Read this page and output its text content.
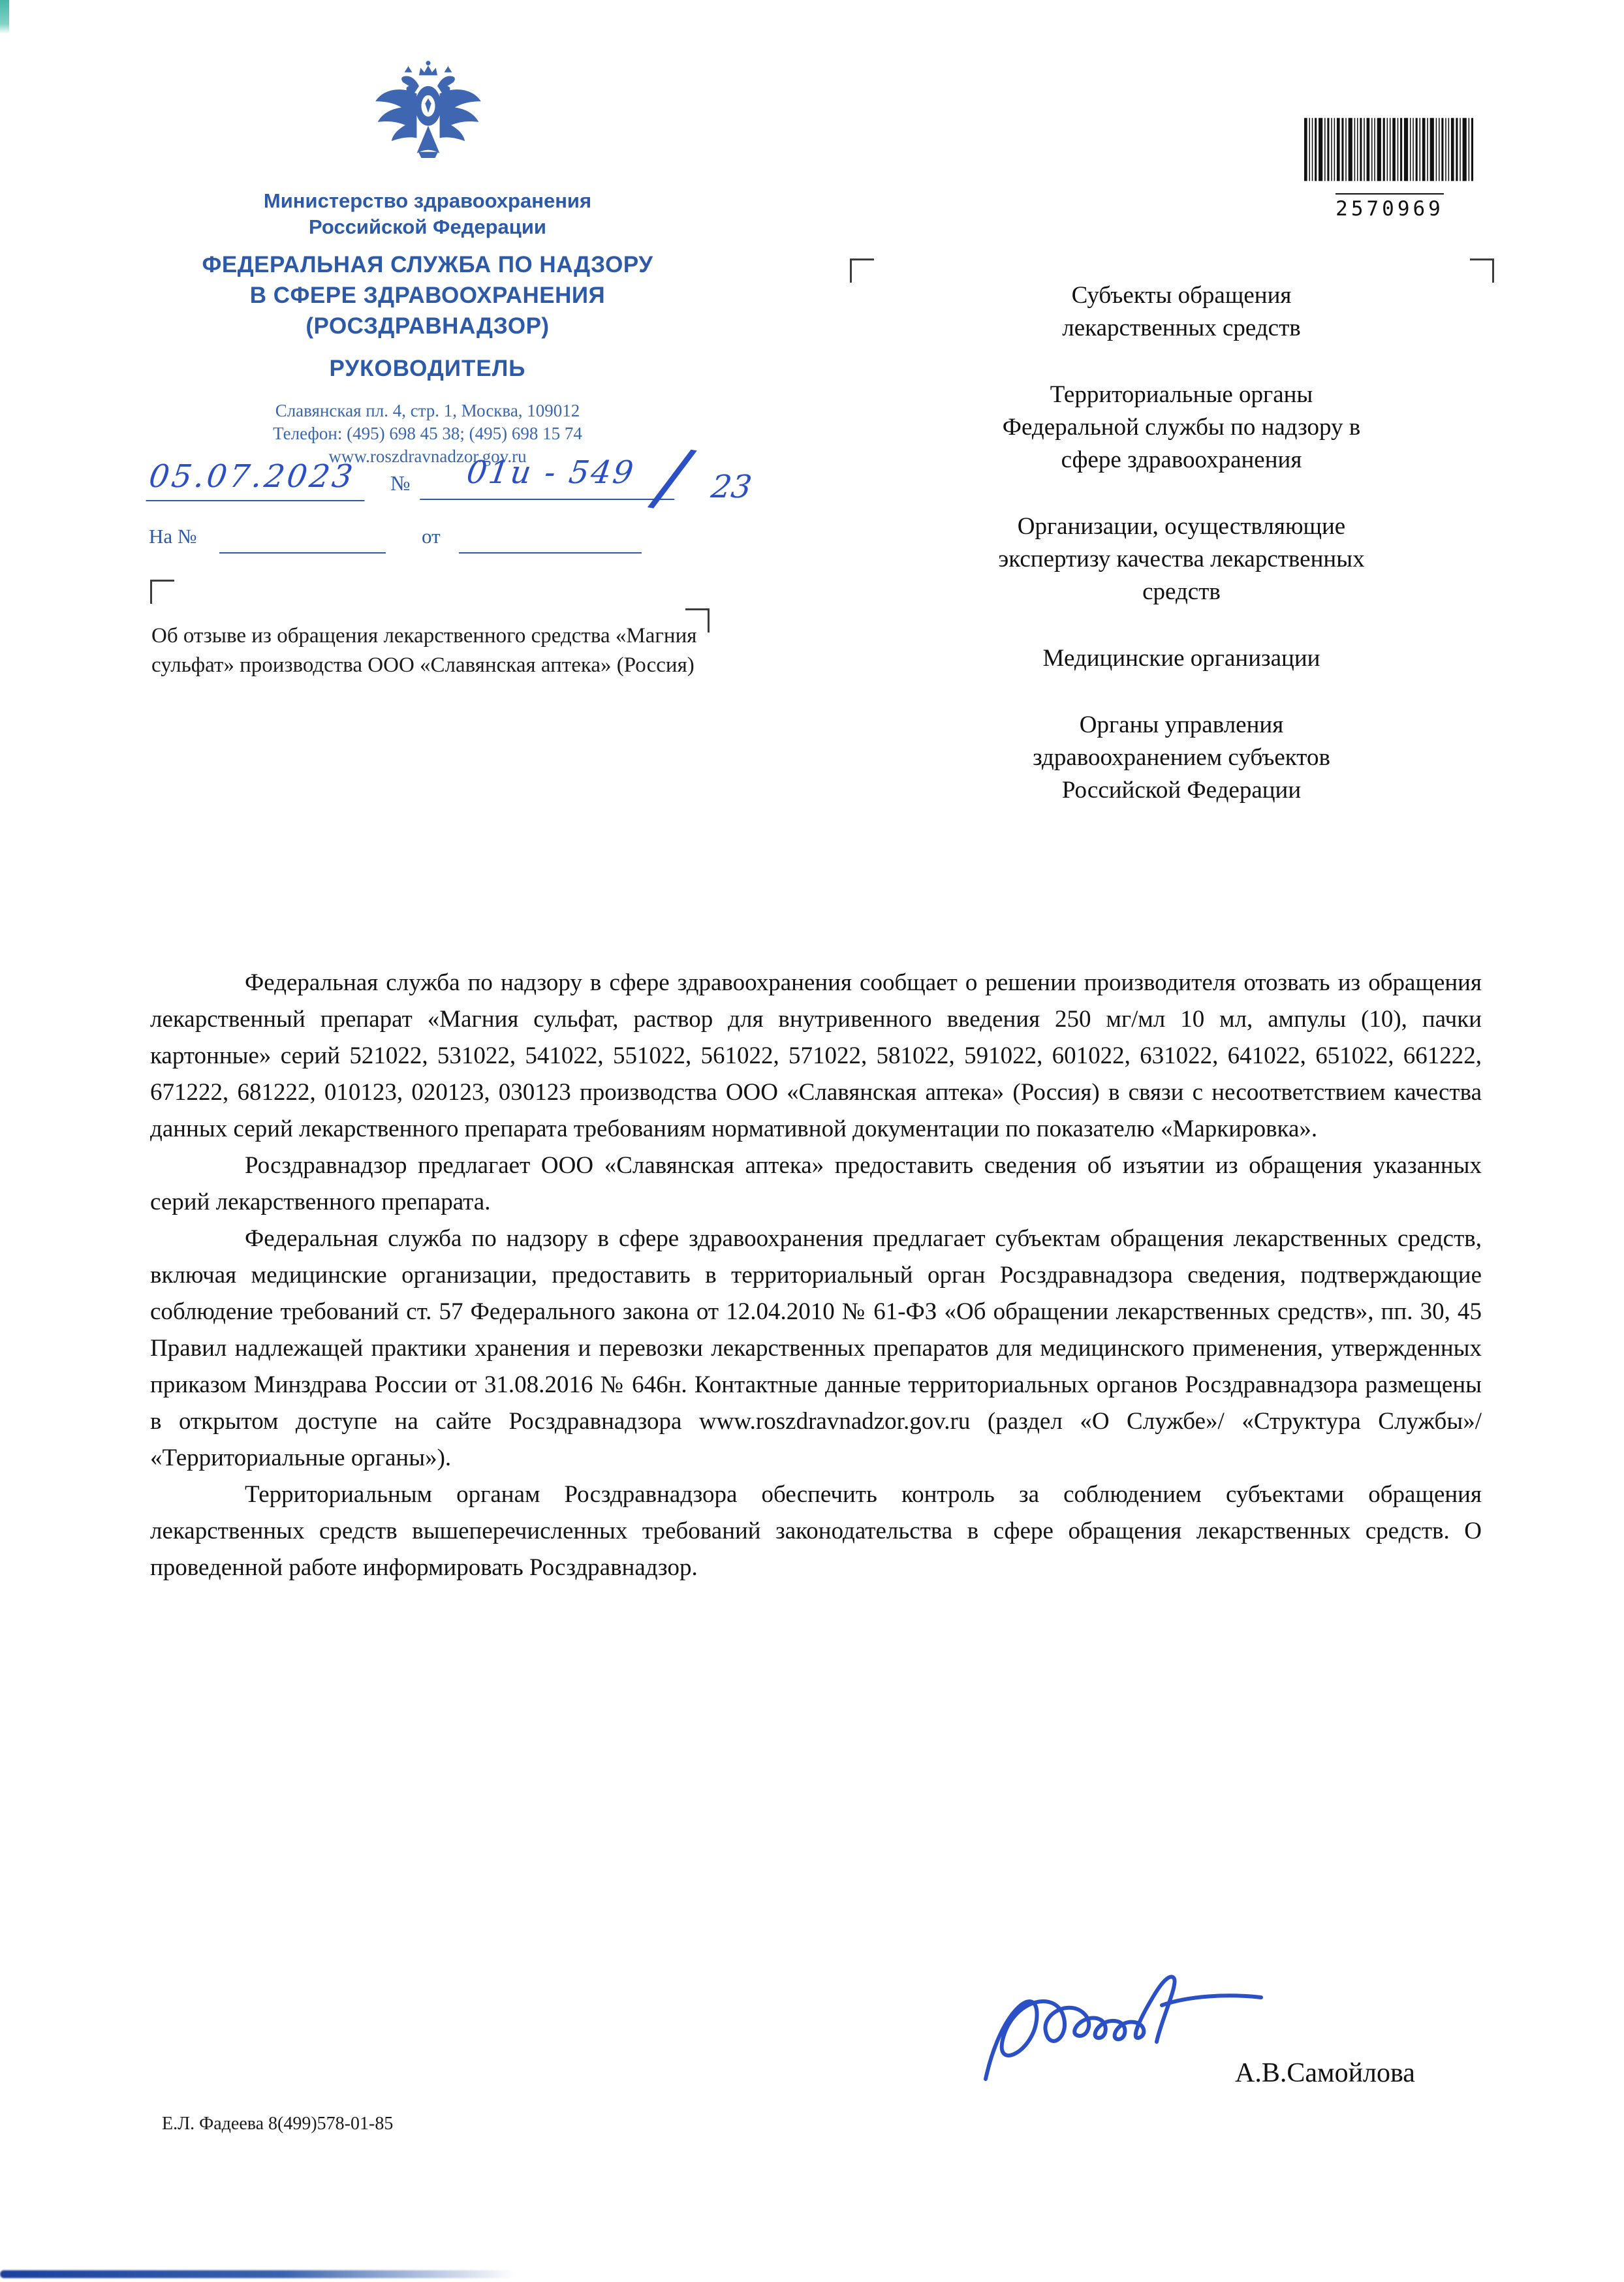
Министерство здравоохранения
Российской Федерации
ФЕДЕРАЛЬНАЯ СЛУЖБА ПО НАДЗОРУ
В СФЕРЕ ЗДРАВООХРАНЕНИЯ
(РОСЗДРАВНАДЗОР)
РУКОВОДИТЕЛЬ
Славянская пл. 4, стр. 1, Москва, 109012
Телефон: (495) 698 45 38; (495) 698 15 74
www.roszdravnadzor.gov.ru
05.07.2023	№	01и - 549 / 23
На №	от
2570969
Субъекты обращения лекарственных средств
Территориальные органы Федеральной службы по надзору в сфере здравоохранения
Организации, осуществляющие экспертизу качества лекарственных средств
Медицинские организации
Органы управления здравоохранением субъектов Российской Федерации
Об отзыве из обращения лекарственного средства «Магния сульфат» производства ООО «Славянская аптека» (Россия)

Федеральная служба по надзору в сфере здравоохранения сообщает о решении производителя отозвать из обращения лекарственный препарат «Магния сульфат, раствор для внутривенного введения 250 мг/мл 10 мл, ампулы (10), пачки картонные» серий 521022, 531022, 541022, 551022, 561022, 571022, 581022, 591022, 601022, 631022, 641022, 651022, 661222, 671222, 681222, 010123, 020123, 030123 производства ООО «Славянская аптека» (Россия) в связи с несоответствием качества данных серий лекарственного препарата требованиям нормативной документации по показателю «Маркировка».

Росздравнадзор предлагает ООО «Славянская аптека» предоставить сведения об изъятии из обращения указанных серий лекарственного препарата.

Федеральная служба по надзору в сфере здравоохранения предлагает субъектам обращения лекарственных средств, включая медицинские организации, предоставить в территориальный орган Росздравнадзора сведения, подтверждающие соблюдение требований ст. 57 Федерального закона от 12.04.2010 № 61-ФЗ «Об обращении лекарственных средств», пп. 30, 45 Правил надлежащей практики хранения и перевозки лекарственных препаратов для медицинского применения, утвержденных приказом Минздрава России от 31.08.2016 № 646н. Контактные данные территориальных органов Росздравнадзора размещены в открытом доступе на сайте Росздравнадзора www.roszdravnadzor.gov.ru (раздел «О Службе»/ «Структура Службы»/ «Территориальные органы»).

Территориальным органам Росздравнадзора обеспечить контроль за соблюдением субъектами обращения лекарственных средств вышеперечисленных требований законодательства в сфере обращения лекарственных средств. О проведенной работе информировать Росздравнадзор.

А.В.Самойлова
Е.Л. Фадеева 8(499)578-01-85
